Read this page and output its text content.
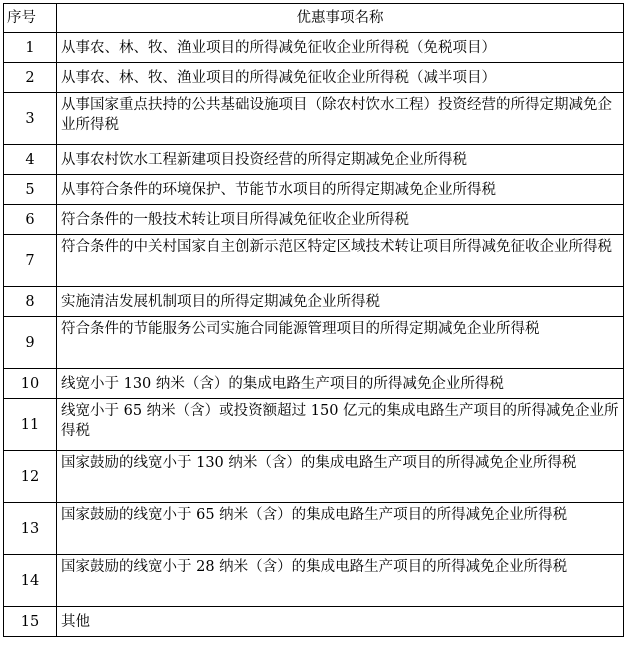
序号	优惠事项名称
1	从事农、林、牧、渔业项目的所得减免征收企业所得税（免税项目）
2	从事农、林、牧、渔业项目的所得减免征收企业所得税（减半项目）
3	从事国家重点扶持的公共基础设施项目（除农村饮水工程）投资经营的所得定期减免企业所得税
4	从事农村饮水工程新建项目投资经营的所得定期减免企业所得税
5	从事符合条件的环境保护、节能节水项目的所得定期减免企业所得税
6	符合条件的一般技术转让项目所得减免征收企业所得税
7	符合条件的中关村国家自主创新示范区特定区域技术转让项目所得减免征收企业所得税
8	实施清洁发展机制项目的所得定期减免企业所得税
9	符合条件的节能服务公司实施合同能源管理项目的所得定期减免企业所得税
10	线宽小于 130 纳米（含）的集成电路生产项目的所得减免企业所得税
11	线宽小于 65 纳米（含）或投资额超过 150 亿元的集成电路生产项目的所得减免企业所得税
12	国家鼓励的线宽小于 130 纳米（含）的集成电路生产项目的所得减免企业所得税
13	国家鼓励的线宽小于 65 纳米（含）的集成电路生产项目的所得减免企业所得税
14	国家鼓励的线宽小于 28 纳米（含）的集成电路生产项目的所得减免企业所得税
15	其他
